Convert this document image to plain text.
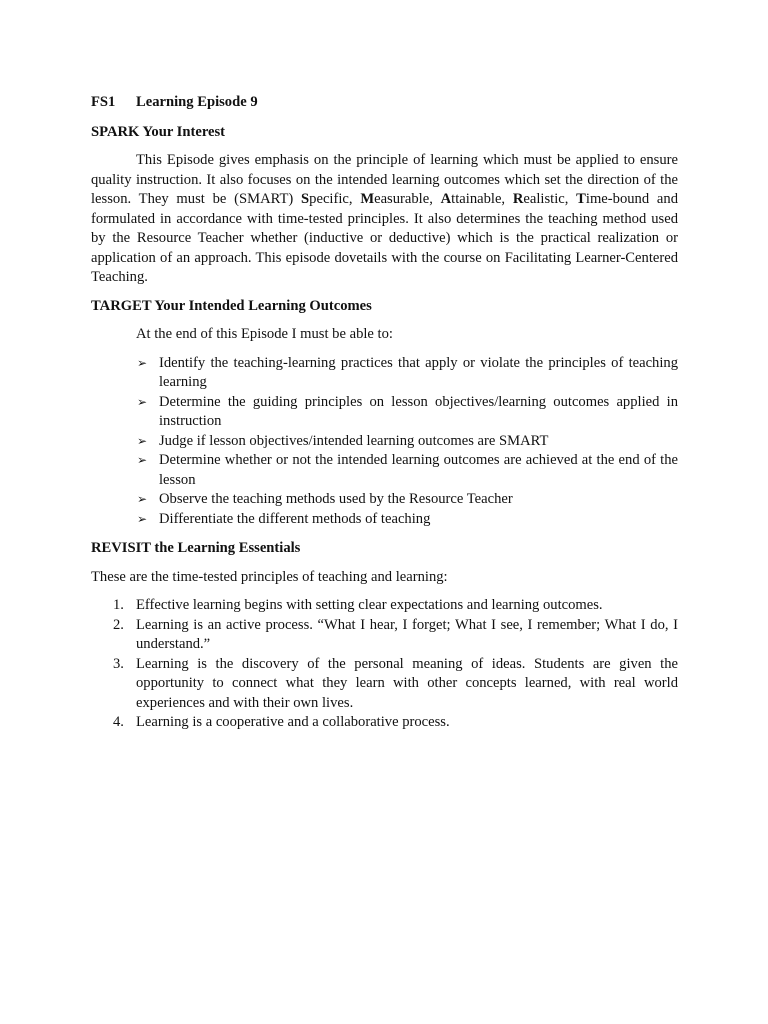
FS1	Learning Episode 9
SPARK Your Interest

This Episode gives emphasis on the principle of learning which must be applied to ensure quality instruction. It also focuses on the intended learning outcomes which set the direction of the lesson. They must be (SMART) Specific, Measurable, Attainable, Realistic, Time-bound and formulated in accordance with time-tested principles. It also determines the teaching method used by the Resource Teacher whether (inductive or deductive) which is the practical realization or application of an approach. This episode dovetails with the course on Facilitating Learner-Centered Teaching.

TARGET Your Intended Learning Outcomes

At the end of this Episode I must be able to:

➢ Identify the teaching-learning practices that apply or violate the principles of teaching learning
➢ Determine the guiding principles on lesson objectives/learning outcomes applied in instruction
➢ Judge if lesson objectives/intended learning outcomes are SMART
➢ Determine whether or not the intended learning outcomes are achieved at the end of the lesson
➢ Observe the teaching methods used by the Resource Teacher
➢ Differentiate the different methods of teaching
REVISIT the Learning Essentials

These are the time-tested principles of teaching and learning:

1. Effective learning begins with setting clear expectations and learning outcomes.
2. Learning is an active process. “What I hear, I forget; What I see, I remember; What I do, I understand.”
3. Learning is the discovery of the personal meaning of ideas. Students are given the opportunity to connect what they learn with other concepts learned, with real world experiences and with their own lives.
4. Learning is a cooperative and a collaborative process.
